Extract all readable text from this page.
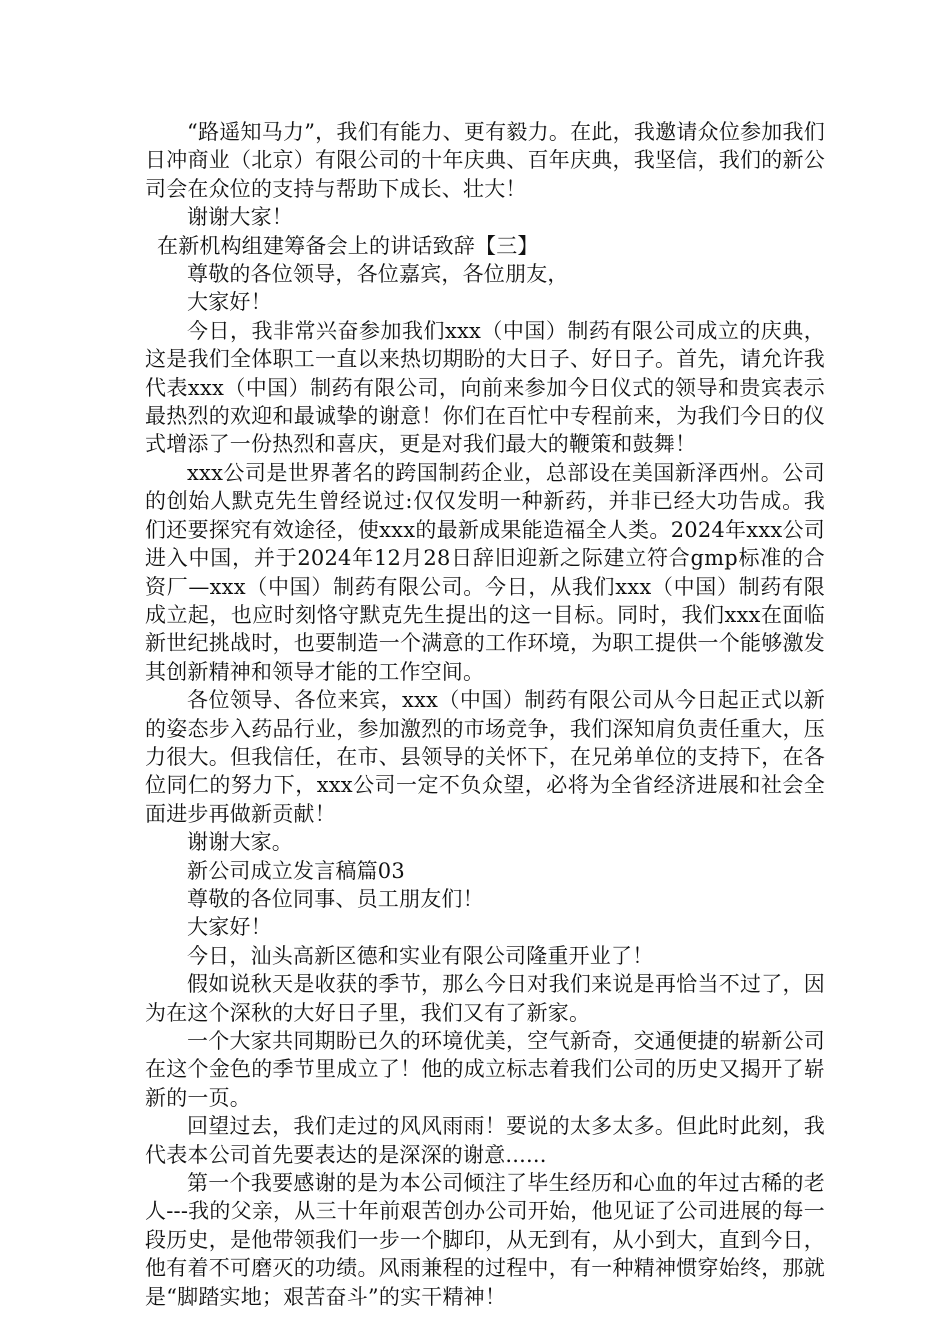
“路遥知马力”，我们有能力、更有毅力。在此，我邀请众位参加我们日冲商业（北京）有限公司的十年庆典、百年庆典，我坚信，我们的新公司会在众位的支持与帮助下成长、壮大！

谢谢大家！

在新机构组建筹备会上的讲话致辞【三】

尊敬的各位领导，各位嘉宾，各位朋友，

大家好！

今日，我非常兴奋参加我们xxx（中国）制药有限公司成立的庆典，这是我们全体职工一直以来热切期盼的大日子、好日子。首先，请允许我代表xxx（中国）制药有限公司，向前来参加今日仪式的领导和贵宾表示最热烈的欢迎和最诚挚的谢意！你们在百忙中专程前来，为我们今日的仪式增添了一份热烈和喜庆，更是对我们最大的鞭策和鼓舞！

xxx公司是世界著名的跨国制药企业，总部设在美国新泽西州。公司的创始人默克先生曾经说过:仅仅发明一种新药，并非已经大功告成。我们还要探究有效途径，使xxx的最新成果能造福全人类。2024年xxx公司进入中国，并于2024年12月28日辞旧迎新之际建立符合gmp标准的合资厂—xxx（中国）制药有限公司。今日，从我们xxx（中国）制药有限成立起，也应时刻恪守默克先生提出的这一目标。同时，我们xxx在面临新世纪挑战时，也要制造一个满意的工作环境，为职工提供一个能够激发其创新精神和领导才能的工作空间。

各位领导、各位来宾，xxx（中国）制药有限公司从今日起正式以新的姿态步入药品行业，参加激烈的市场竞争，我们深知肩负责任重大，压力很大。但我信任，在市、县领导的关怀下，在兄弟单位的支持下，在各位同仁的努力下，xxx公司一定不负众望，必将为全省经济进展和社会全面进步再做新贡献！

谢谢大家。

新公司成立发言稿篇03

尊敬的各位同事、员工朋友们！

大家好！

今日，汕头高新区德和实业有限公司隆重开业了！

假如说秋天是收获的季节，那么今日对我们来说是再恰当不过了，因为在这个深秋的大好日子里，我们又有了新家。

一个大家共同期盼已久的环境优美，空气新奇，交通便捷的崭新公司在这个金色的季节里成立了！他的成立标志着我们公司的历史又揭开了崭新的一页。

回望过去，我们走过的风风雨雨！要说的太多太多。但此时此刻，我代表本公司首先要表达的是深深的谢意......

第一个我要感谢的是为本公司倾注了毕生经历和心血的年过古稀的老人---我的父亲，从三十年前艰苦创办公司开始，他见证了公司进展的每一段历史，是他带领我们一步一个脚印，从无到有，从小到大，直到今日，他有着不可磨灭的功绩。风雨兼程的过程中，有一种精神惯穿始终，那就是“脚踏实地；艰苦奋斗”的实干精神！
